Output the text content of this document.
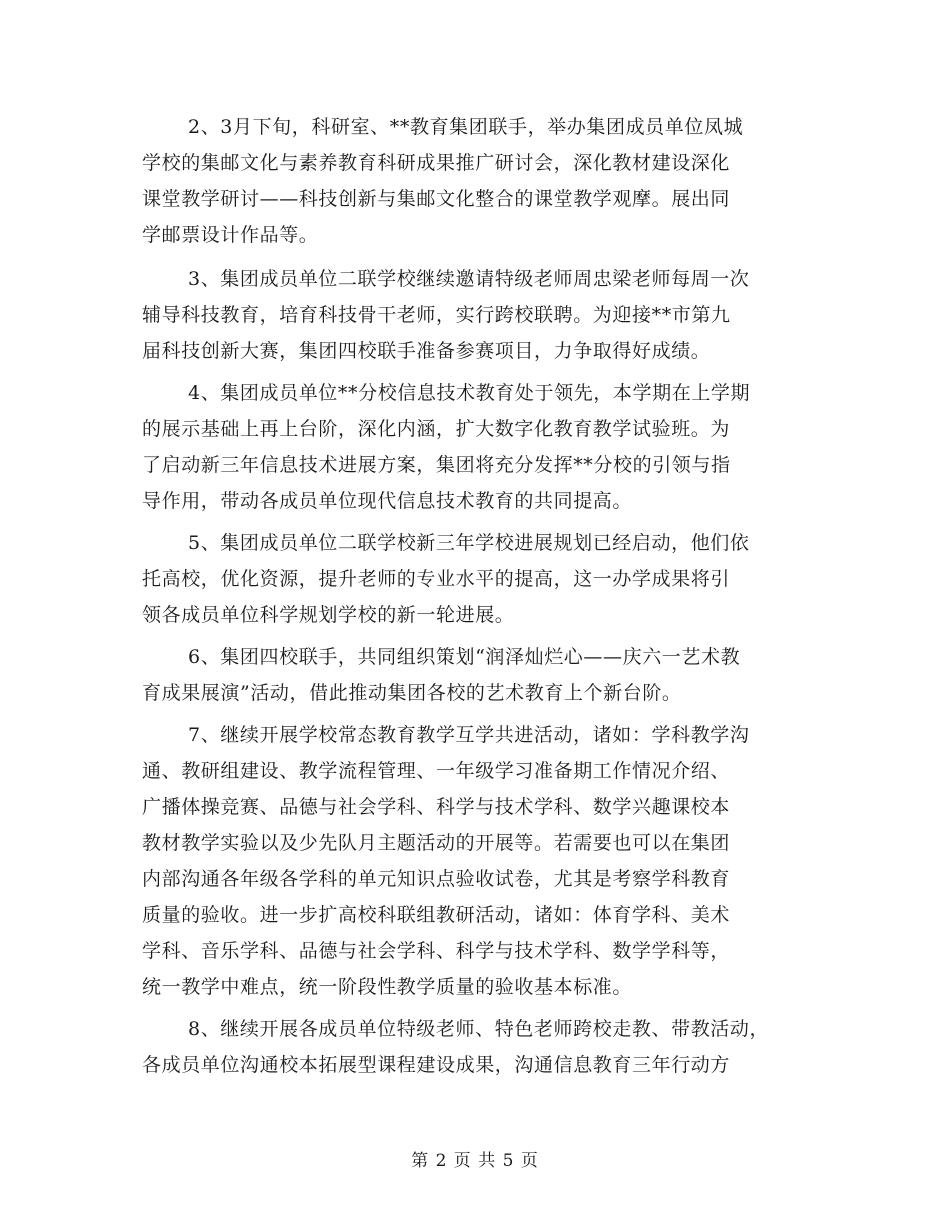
2、3月下旬，科研室、**教育集团联手，举办集团成员单位凤城
学校的集邮文化与素养教育科研成果推广研讨会，深化教材建设深化
课堂教学研讨——科技创新与集邮文化整合的课堂教学观摩。展出同
学邮票设计作品等。
3、集团成员单位二联学校继续邀请特级老师周忠梁老师每周一次
辅导科技教育，培育科技骨干老师，实行跨校联聘。为迎接**市第九
届科技创新大赛，集团四校联手准备参赛项目，力争取得好成绩。
4、集团成员单位**分校信息技术教育处于领先，本学期在上学期
的展示基础上再上台阶，深化内涵，扩大数字化教育教学试验班。为
了启动新三年信息技术进展方案，集团将充分发挥**分校的引领与指
导作用，带动各成员单位现代信息技术教育的共同提高。
5、集团成员单位二联学校新三年学校进展规划已经启动，他们依
托高校，优化资源，提升老师的专业水平的提高，这一办学成果将引
领各成员单位科学规划学校的新一轮进展。
6、集团四校联手，共同组织策划“润泽灿烂心——庆六一艺术教
育成果展演”活动，借此推动集团各校的艺术教育上个新台阶。
7、继续开展学校常态教育教学互学共进活动，诸如：学科教学沟
通、教研组建设、教学流程管理、一年级学习准备期工作情况介绍、
广播体操竞赛、品德与社会学科、科学与技术学科、数学兴趣课校本
教材教学实验以及少先队月主题活动的开展等。若需要也可以在集团
内部沟通各年级各学科的单元知识点验收试卷，尤其是考察学科教育
质量的验收。进一步扩高校科联组教研活动，诸如：体育学科、美术
学科、音乐学科、品德与社会学科、科学与技术学科、数学学科等，
统一教学中难点，统一阶段性教学质量的验收基本标准。
8、继续开展各成员单位特级老师、特色老师跨校走教、带教活动，
各成员单位沟通校本拓展型课程建设成果，沟通信息教育三年行动方
第 2 页 共 5 页
